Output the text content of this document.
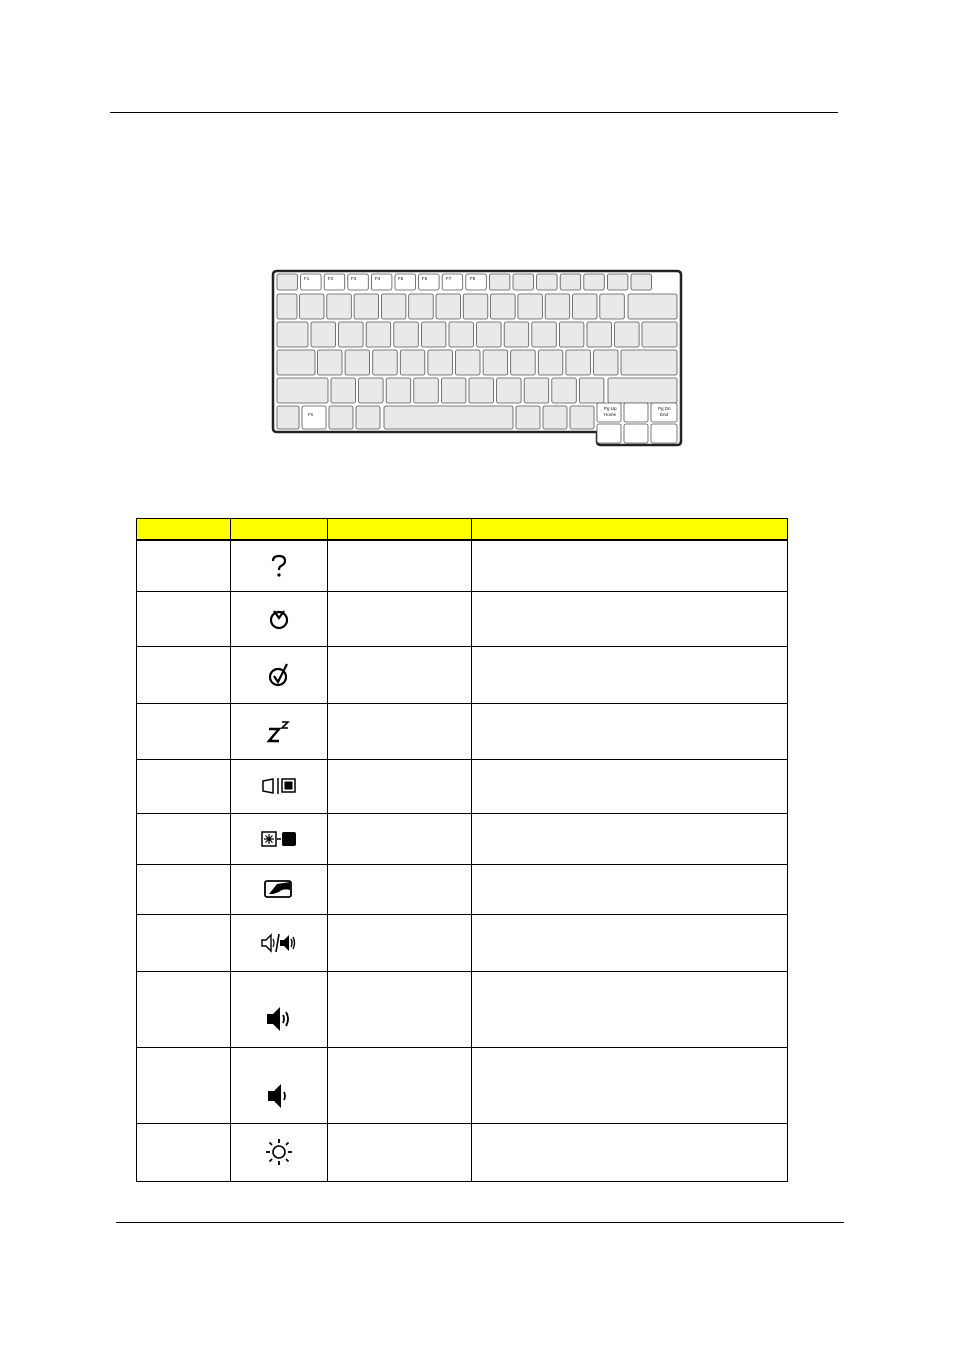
F1	F2	F3	F4	F5	F6	F7	F8
Fn
Pg Up
Home
Pg Dn
End
